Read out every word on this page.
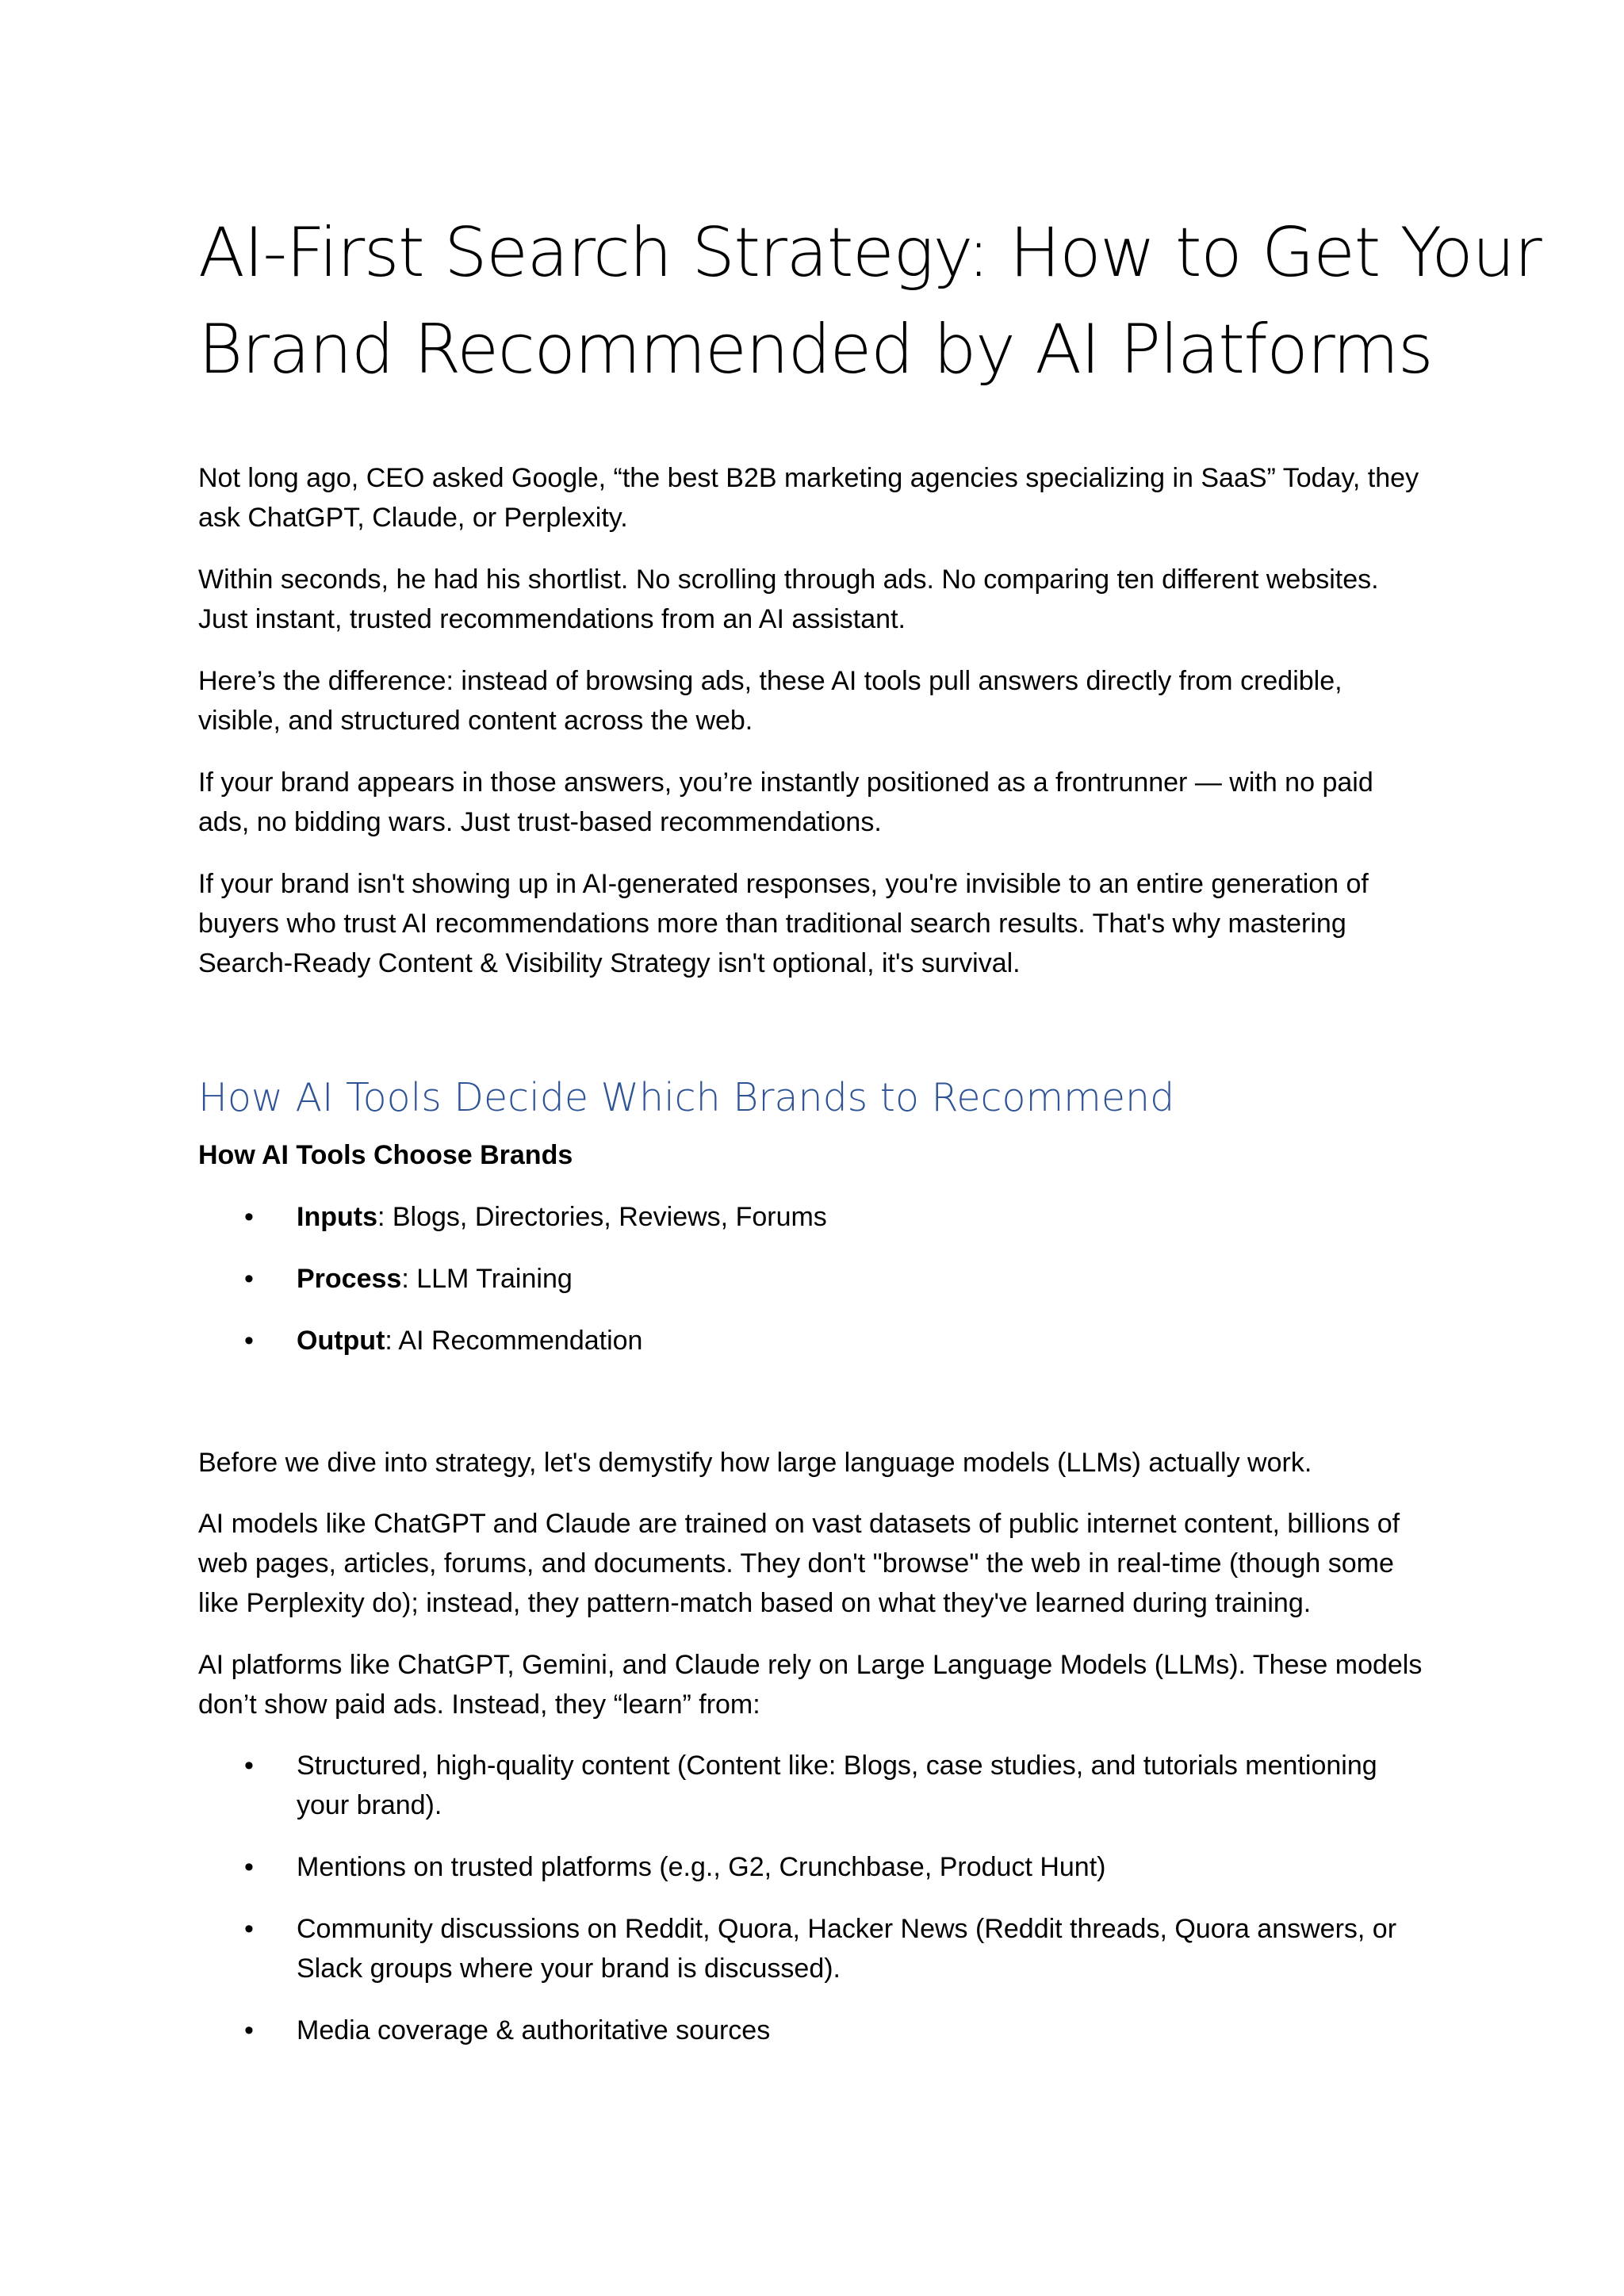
AI-First Search Strategy: How to Get Your
Brand Recommended by AI Platforms

Not long ago, CEO asked Google, “the best B2B marketing agencies specializing in SaaS” Today, they
ask ChatGPT, Claude, or Perplexity.

Within seconds, he had his shortlist. No scrolling through ads. No comparing ten different websites.
Just instant, trusted recommendations from an AI assistant.

Here’s the difference: instead of browsing ads, these AI tools pull answers directly from credible,
visible, and structured content across the web.

If your brand appears in those answers, you’re instantly positioned as a frontrunner — with no paid
ads, no bidding wars. Just trust-based recommendations.

If your brand isn't showing up in AI-generated responses, you're invisible to an entire generation of
buyers who trust AI recommendations more than traditional search results. That's why mastering
Search-Ready Content & Visibility Strategy isn't optional, it's survival.

How AI Tools Decide Which Brands to Recommend

How AI Tools Choose Brands

• Inputs: Blogs, Directories, Reviews, Forums
• Process: LLM Training
• Output: AI Recommendation

Before we dive into strategy, let's demystify how large language models (LLMs) actually work.

AI models like ChatGPT and Claude are trained on vast datasets of public internet content, billions of
web pages, articles, forums, and documents. They don't "browse" the web in real-time (though some
like Perplexity do); instead, they pattern-match based on what they've learned during training.

AI platforms like ChatGPT, Gemini, and Claude rely on Large Language Models (LLMs). These models
don’t show paid ads. Instead, they “learn” from:

• Structured, high-quality content (Content like: Blogs, case studies, and tutorials mentioning
your brand).
• Mentions on trusted platforms (e.g., G2, Crunchbase, Product Hunt)
• Community discussions on Reddit, Quora, Hacker News (Reddit threads, Quora answers, or
Slack groups where your brand is discussed).
• Media coverage & authoritative sources
